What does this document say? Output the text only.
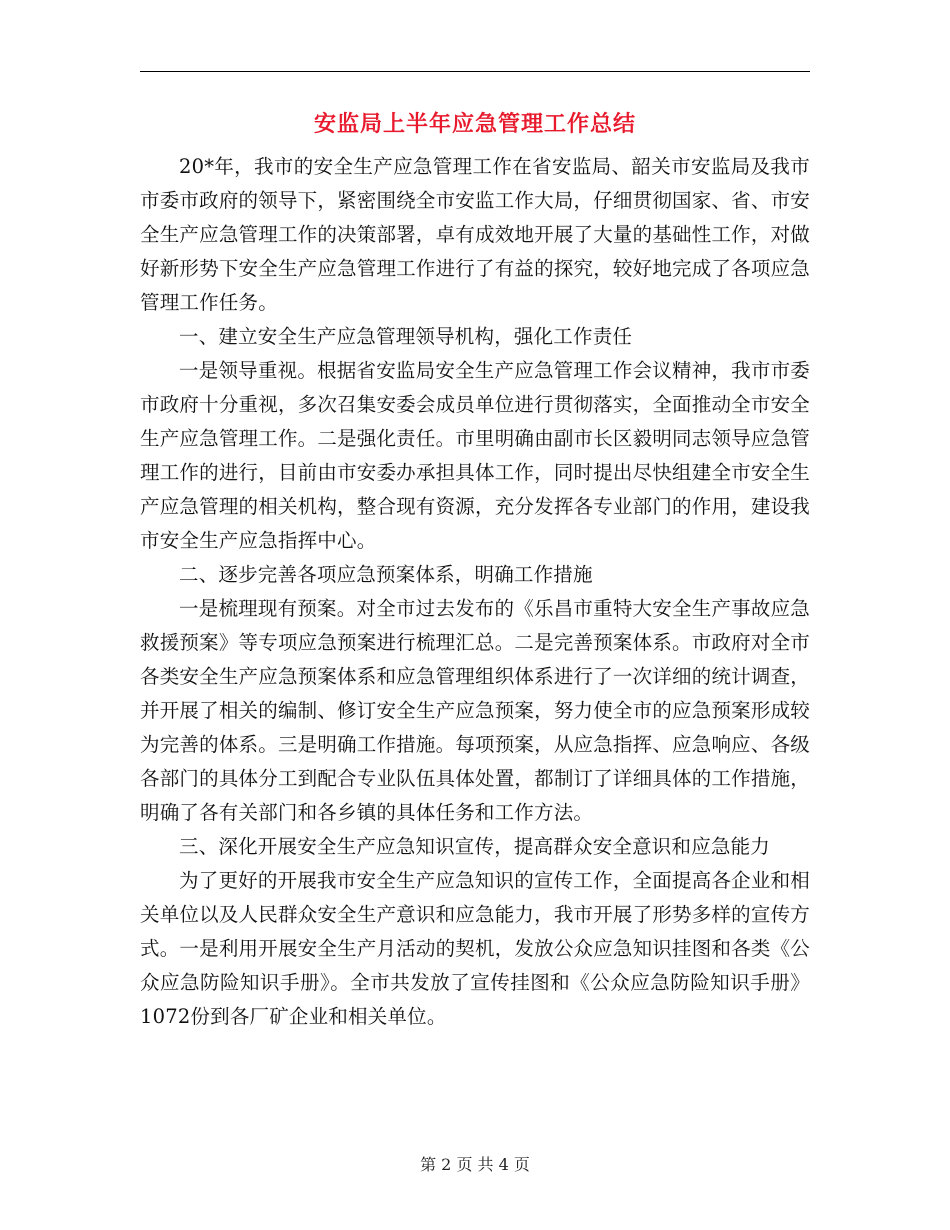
安监局上半年应急管理工作总结

20*年，我市的安全生产应急管理工作在省安监局、韶关市安监局及我市市委市政府的领导下，紧密围绕全市安监工作大局，仔细贯彻国家、省、市安全生产应急管理工作的决策部署，卓有成效地开展了大量的基础性工作，对做好新形势下安全生产应急管理工作进行了有益的探究，较好地完成了各项应急管理工作任务。

一、建立安全生产应急管理领导机构，强化工作责任

一是领导重视。根据省安监局安全生产应急管理工作会议精神，我市市委市政府十分重视，多次召集安委会成员单位进行贯彻落实，全面推动全市安全生产应急管理工作。二是强化责任。市里明确由副市长区毅明同志领导应急管理工作的进行，目前由市安委办承担具体工作，同时提出尽快组建全市安全生产应急管理的相关机构，整合现有资源，充分发挥各专业部门的作用，建设我市安全生产应急指挥中心。

二、逐步完善各项应急预案体系，明确工作措施

一是梳理现有预案。对全市过去发布的《乐昌市重特大安全生产事故应急救援预案》等专项应急预案进行梳理汇总。二是完善预案体系。市政府对全市各类安全生产应急预案体系和应急管理组织体系进行了一次详细的统计调查，并开展了相关的编制、修订安全生产应急预案，努力使全市的应急预案形成较为完善的体系。三是明确工作措施。每项预案，从应急指挥、应急响应、各级各部门的具体分工到配合专业队伍具体处置，都制订了详细具体的工作措施，明确了各有关部门和各乡镇的具体任务和工作方法。

三、深化开展安全生产应急知识宣传，提高群众安全意识和应急能力

为了更好的开展我市安全生产应急知识的宣传工作，全面提高各企业和相关单位以及人民群众安全生产意识和应急能力，我市开展了形势多样的宣传方式。一是利用开展安全生产月活动的契机，发放公众应急知识挂图和各类《公众应急防险知识手册》。全市共发放了宣传挂图和《公众应急防险知识手册》1072份到各厂矿企业和相关单位。

第 2 页 共 4 页
